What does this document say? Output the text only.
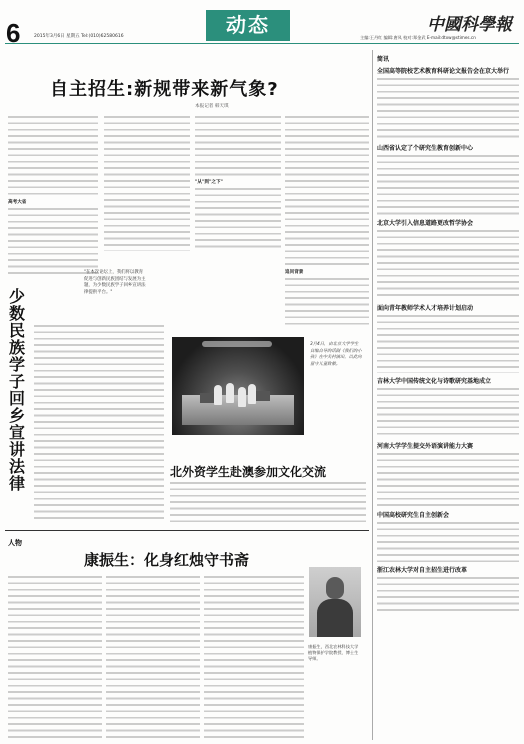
6	2015年3月6日 星期五 Tel:(010)62580616	动态
主编:王丹红 编辑:唐凤 校对:郑金武 E-mail:dtxw@stimes.cn
中國科學報
自主招生:新规带来新气象?
本报记者 韩天琪
高考大省
"从"到"之下"
追问背景
少数民族学子回乡宣讲法律
"在本次论坛上，我们将以教育促进与创新民族团结与发展为主题，为少数民族学子回乡宣讲法律提供平台。"
3月4日，由北京大学学生自编自导的话剧《我们的小孩》在中关村演出，以此向留守儿童致敬。
北外资学生赴澳参加文化交流
人物
康振生：化身红烛守书斋
康振生，西北农林科技大学植物保护学院教授、博士生导师。
简讯
全国高等院校艺术教育科研论文报告会在京大举行
山西省认定了个研究生教育创新中心
北京大学引入信息道路更改哲学协会
面向青年教师学术人才培养计划启动
吉林大学中国传统文化与诗歌研究基地成立
河南大学学生提交外语演讲能力大赛
中国高校研究生自主创新会
浙江农林大学对自主招生进行改革
